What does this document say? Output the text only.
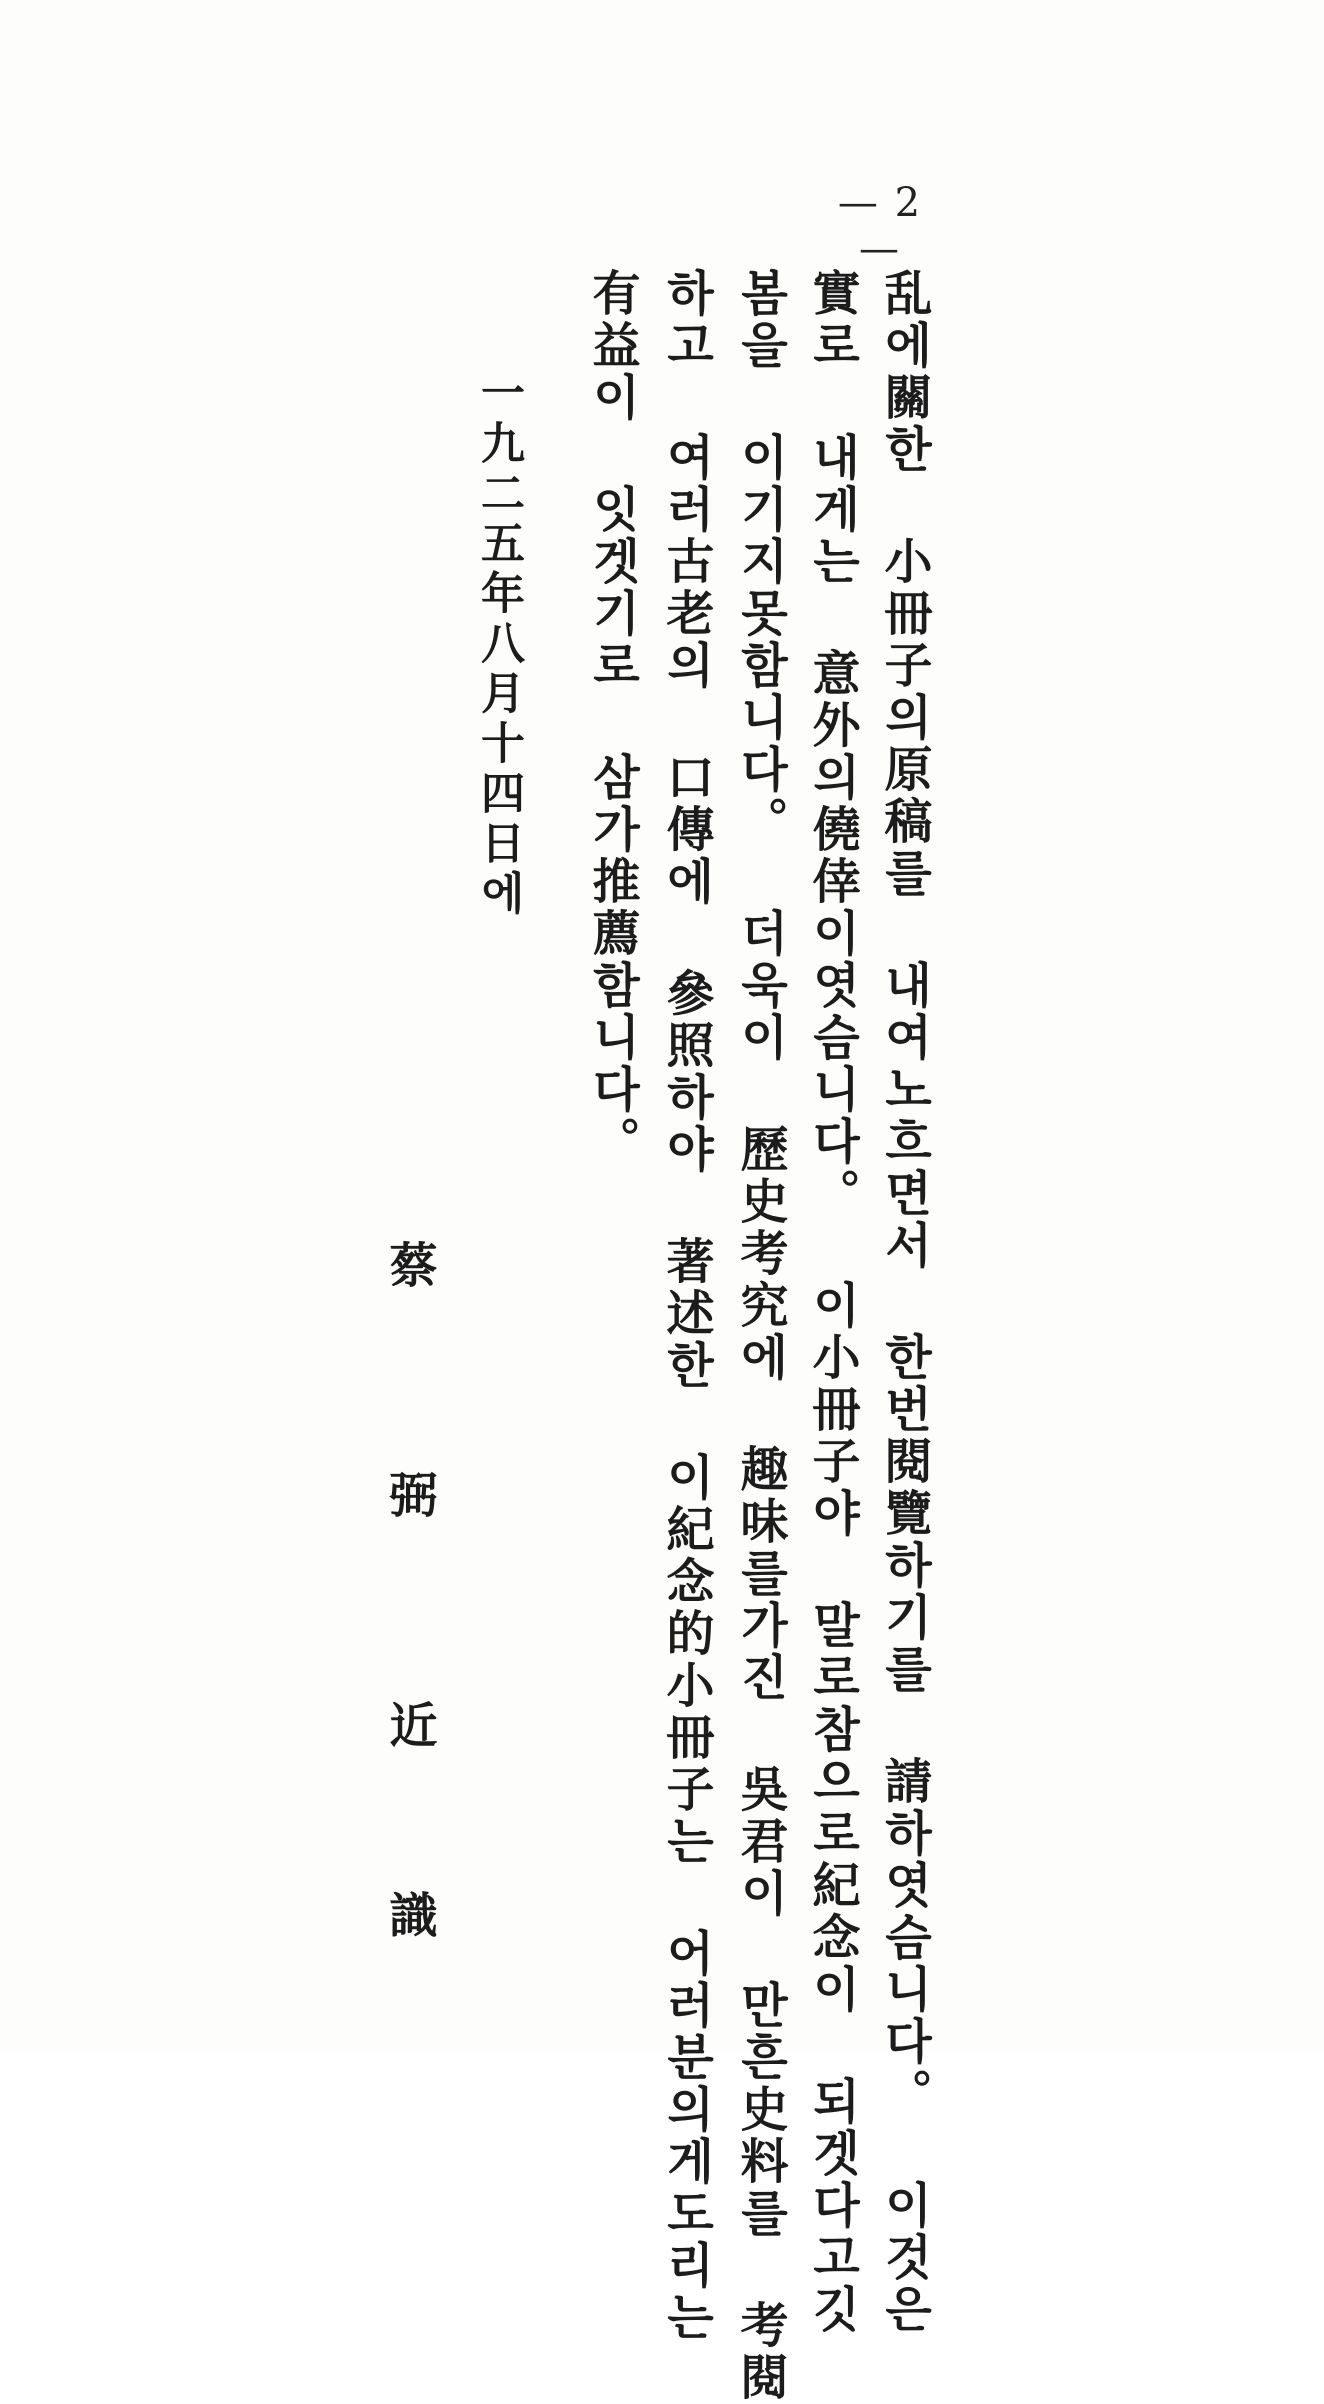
— 2 —
乱에關한 小冊子의原稿를 내여노흐면서 한번閱覽하기를 請하엿슴니다。 이것은
實로 내게는 意外의僥倖이엿슴니다。 이小冊子야 말로참으로紀念이 되겟다고깃
봄을 이기지못함니다。 더욱이 歷史考究에 趣味를가진 吳君이 만흔史料를 考閱
하고 여러古老의 口傳에 參照하야 著述한 이紀念的小冊子는 어러분의게도리는
有益이 잇겟기로 삼가推薦함니다。
一九二五年八月十四日에
蔡
弼
近
識
